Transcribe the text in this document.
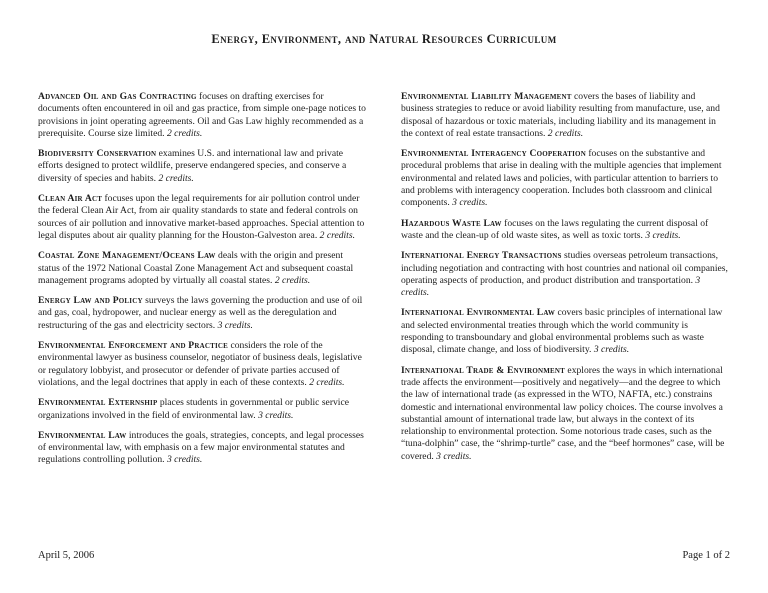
Energy, Environment, and Natural Resources Curriculum

Advanced Oil and Gas Contracting focuses on drafting exercises for documents often encountered in oil and gas practice, from simple one-page notices to provisions in joint operating agreements. Oil and Gas Law highly recommended as a prerequisite. Course size limited. 2 credits.

Biodiversity Conservation examines U.S. and international law and private efforts designed to protect wildlife, preserve endangered species, and conserve a diversity of species and habits. 2 credits.

Clean Air Act focuses upon the legal requirements for air pollution control under the federal Clean Air Act, from air quality standards to state and federal controls on sources of air pollution and innovative market-based approaches. Special attention to legal disputes about air quality planning for the Houston-Galveston area. 2 credits.

Coastal Zone Management/Oceans Law deals with the origin and present status of the 1972 National Coastal Zone Management Act and subsequent coastal management programs adopted by virtually all coastal states. 2 credits.

Energy Law and Policy surveys the laws governing the production and use of oil and gas, coal, hydropower, and nuclear energy as well as the deregulation and restructuring of the gas and electricity sectors. 3 credits.

Environmental Enforcement and Practice considers the role of the environmental lawyer as business counselor, negotiator of business deals, legislative or regulatory lobbyist, and prosecutor or defender of private parties accused of violations, and the legal doctrines that apply in each of these contexts. 2 credits.

Environmental Externship places students in governmental or public service organizations involved in the field of environmental law. 3 credits.

Environmental Law introduces the goals, strategies, concepts, and legal processes of environmental law, with emphasis on a few major environmental statutes and regulations controlling pollution. 3 credits.

Environmental Liability Management covers the bases of liability and business strategies to reduce or avoid liability resulting from manufacture, use, and disposal of hazardous or toxic materials, including liability and its management in the context of real estate transactions. 2 credits.

Environmental Interagency Cooperation focuses on the substantive and procedural problems that arise in dealing with the multiple agencies that implement environmental and related laws and policies, with particular attention to barriers to and problems with interagency cooperation. Includes both classroom and clinical components. 3 credits.

Hazardous Waste Law focuses on the laws regulating the current disposal of waste and the clean-up of old waste sites, as well as toxic torts. 3 credits.

International Energy Transactions studies overseas petroleum transactions, including negotiation and contracting with host countries and national oil companies, operating aspects of production, and product distribution and transportation. 3 credits.

International Environmental Law covers basic principles of international law and selected environmental treaties through which the world community is responding to transboundary and global environmental problems such as waste disposal, climate change, and loss of biodiversity. 3 credits.

International Trade & Environment explores the ways in which international trade affects the environment—positively and negatively—and the degree to which the law of international trade (as expressed in the WTO, NAFTA, etc.) constrains domestic and international environmental law policy choices. The course involves a substantial amount of international trade law, but always in the context of its relationship to environmental protection. Some notorious trade cases, such as the “tuna-dolphin” case, the “shrimp-turtle” case, and the “beef hormones” case, will be covered. 3 credits.

April 5, 2006	Page 1 of 2
